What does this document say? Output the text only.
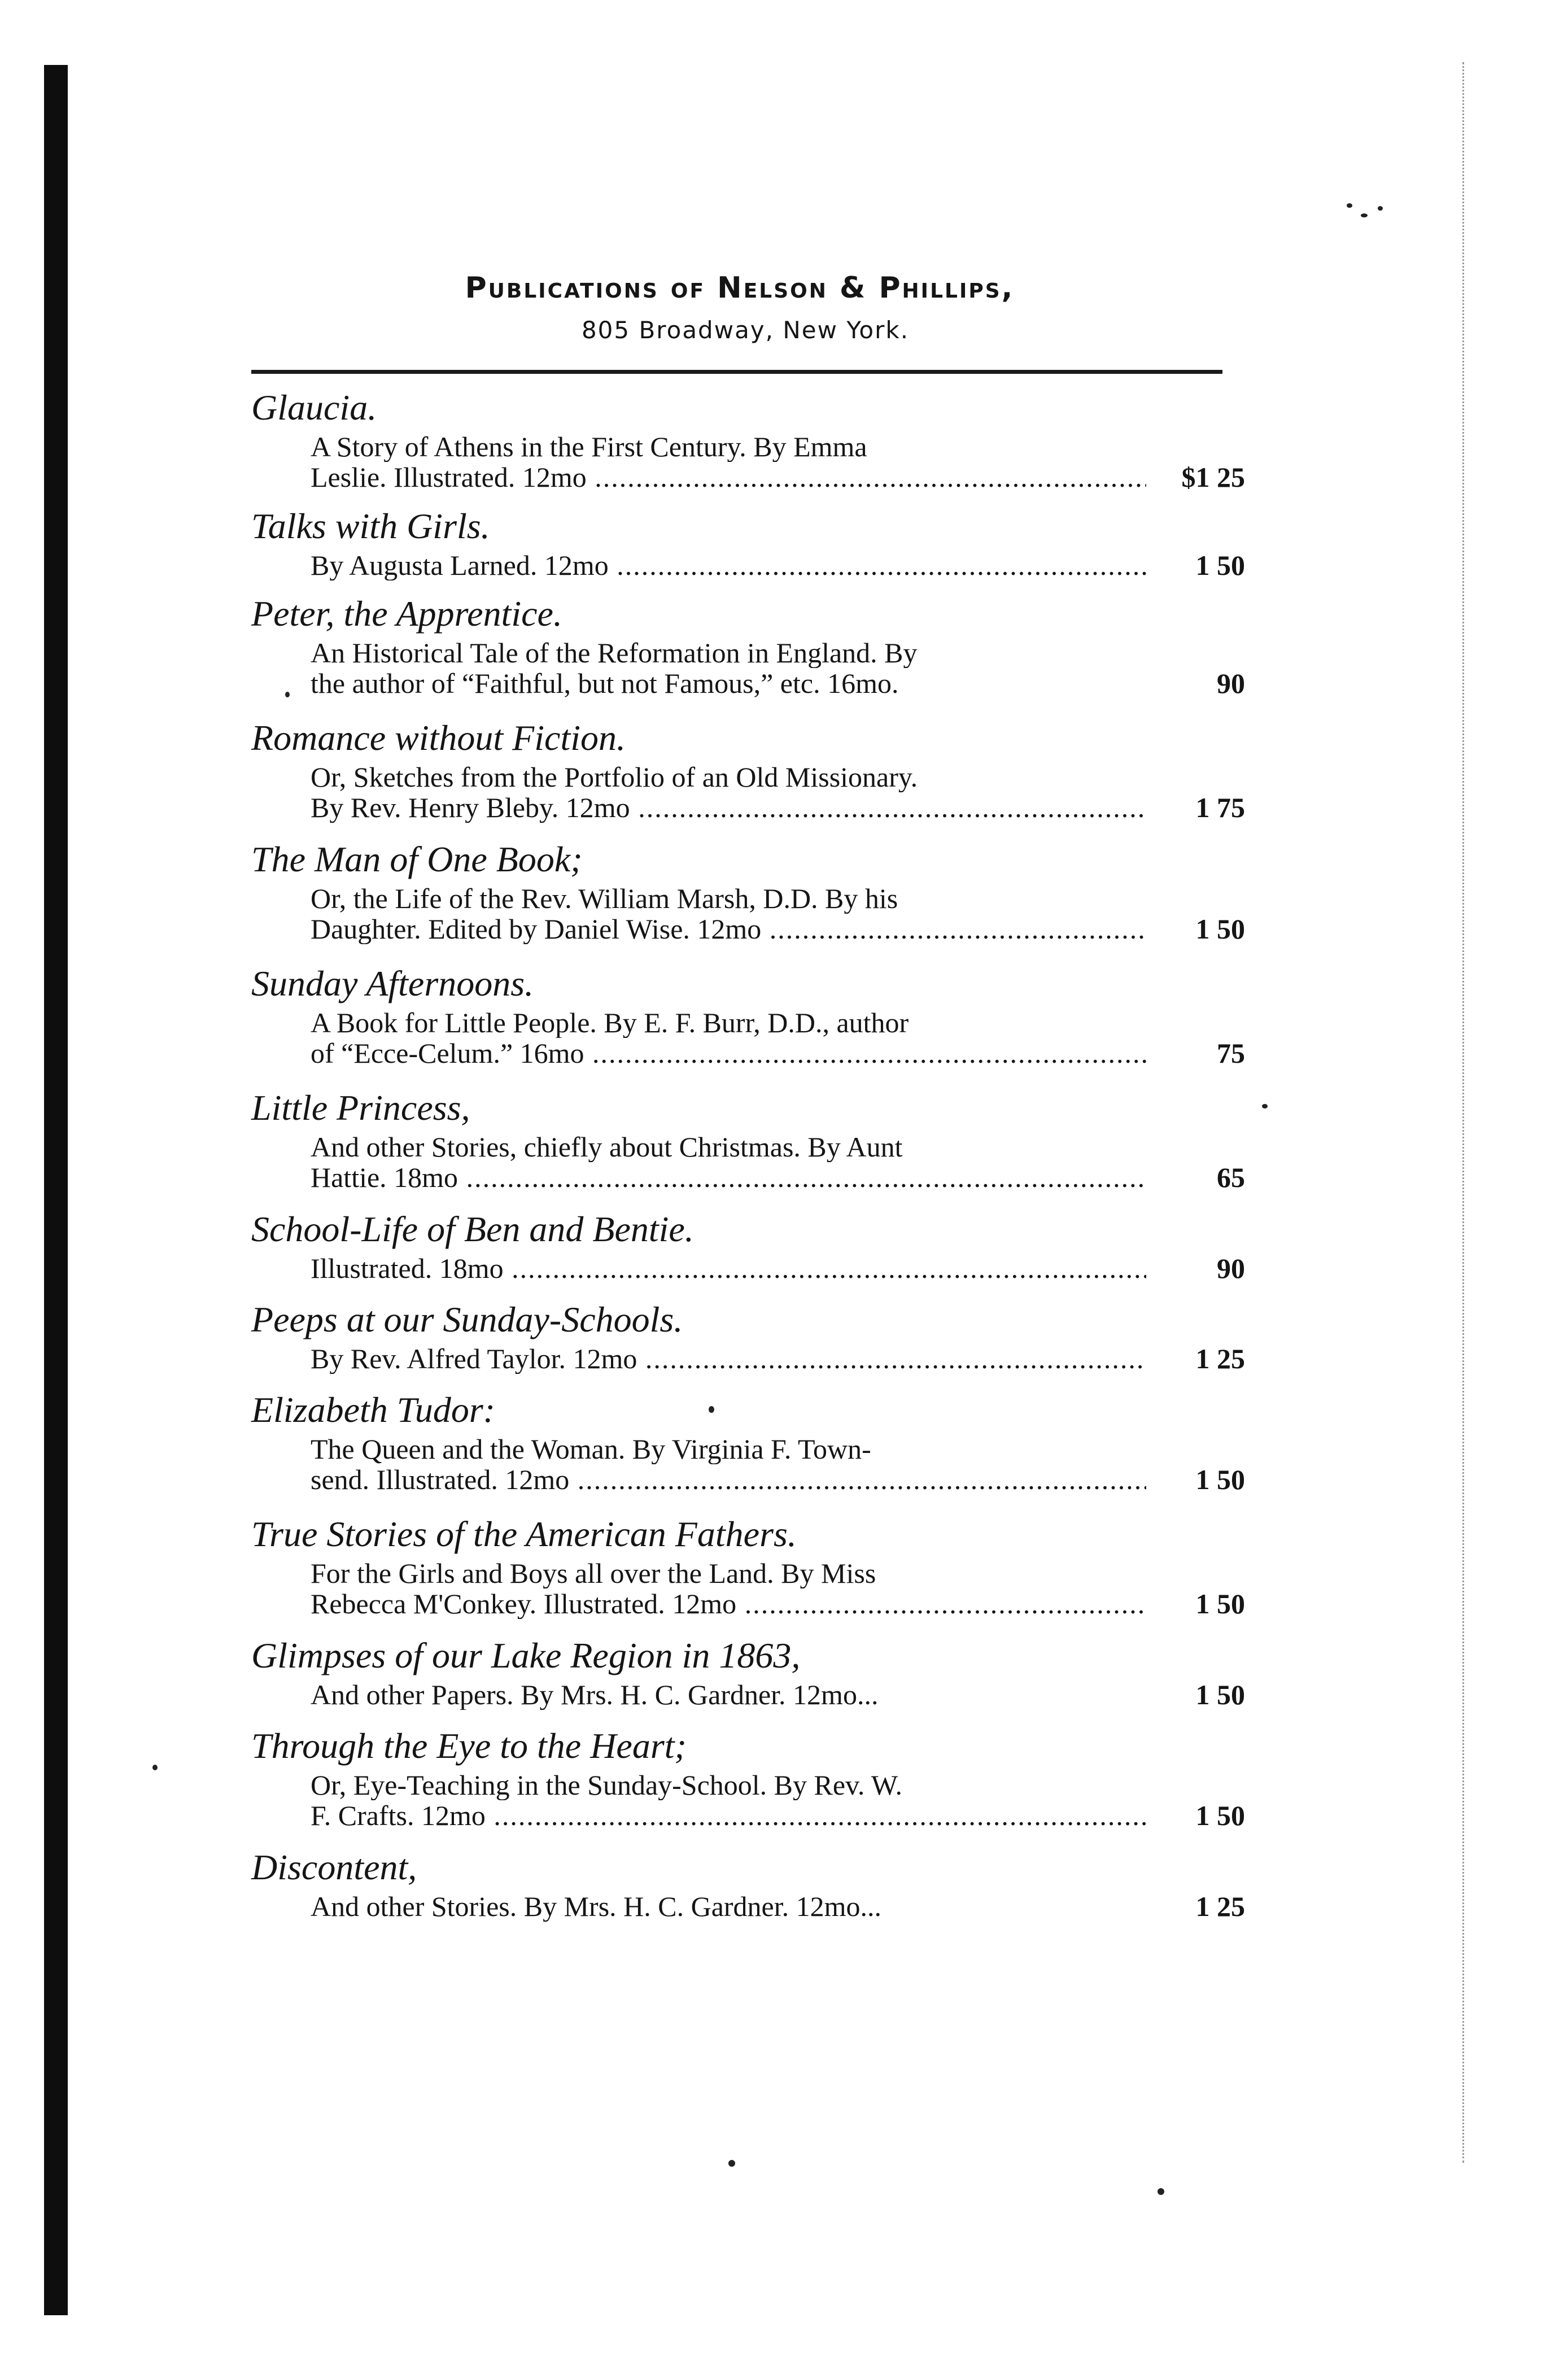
Publications of Nelson & Phillips,
805 Broadway, New York.
Glaucia.
A Story of Athens in the First Century. By Emma
Leslie. Illustrated. 12mo .....	$1 25
Talks with Girls.
By Augusta Larned. 12mo .....	1 50
Peter, the Apprentice.
An Historical Tale of the Reformation in England. By
the author of “Faithful, but not Famous,” etc. 16mo.	90
Romance without Fiction.
Or, Sketches from the Portfolio of an Old Missionary.
By Rev. Henry Bleby. 12mo .....	1 75
The Man of One Book;
Or, the Life of the Rev. William Marsh, D.D. By his
Daughter. Edited by Daniel Wise. 12mo .....	1 50
Sunday Afternoons.
A Book for Little People. By E. F. Burr, D.D., author
of “Ecce-Celum.” 16mo .....	75
Little Princess,
And other Stories, chiefly about Christmas. By Aunt
Hattie. 18mo .....	65
School-Life of Ben and Bentie.
Illustrated. 18mo .....	90
Peeps at our Sunday-Schools.
By Rev. Alfred Taylor. 12mo .....	1 25
Elizabeth Tudor:
The Queen and the Woman. By Virginia F. Town-
send. Illustrated. 12mo .....	1 50
True Stories of the American Fathers.
For the Girls and Boys all over the Land. By Miss
Rebecca M'Conkey. Illustrated. 12mo .....	1 50
Glimpses of our Lake Region in 1863,
And other Papers. By Mrs. H. C. Gardner. 12mo...	1 50
Through the Eye to the Heart;
Or, Eye-Teaching in the Sunday-School. By Rev. W.
F. Crafts. 12mo .....	1 50
Discontent,
And other Stories. By Mrs. H. C. Gardner. 12mo...	1 25
